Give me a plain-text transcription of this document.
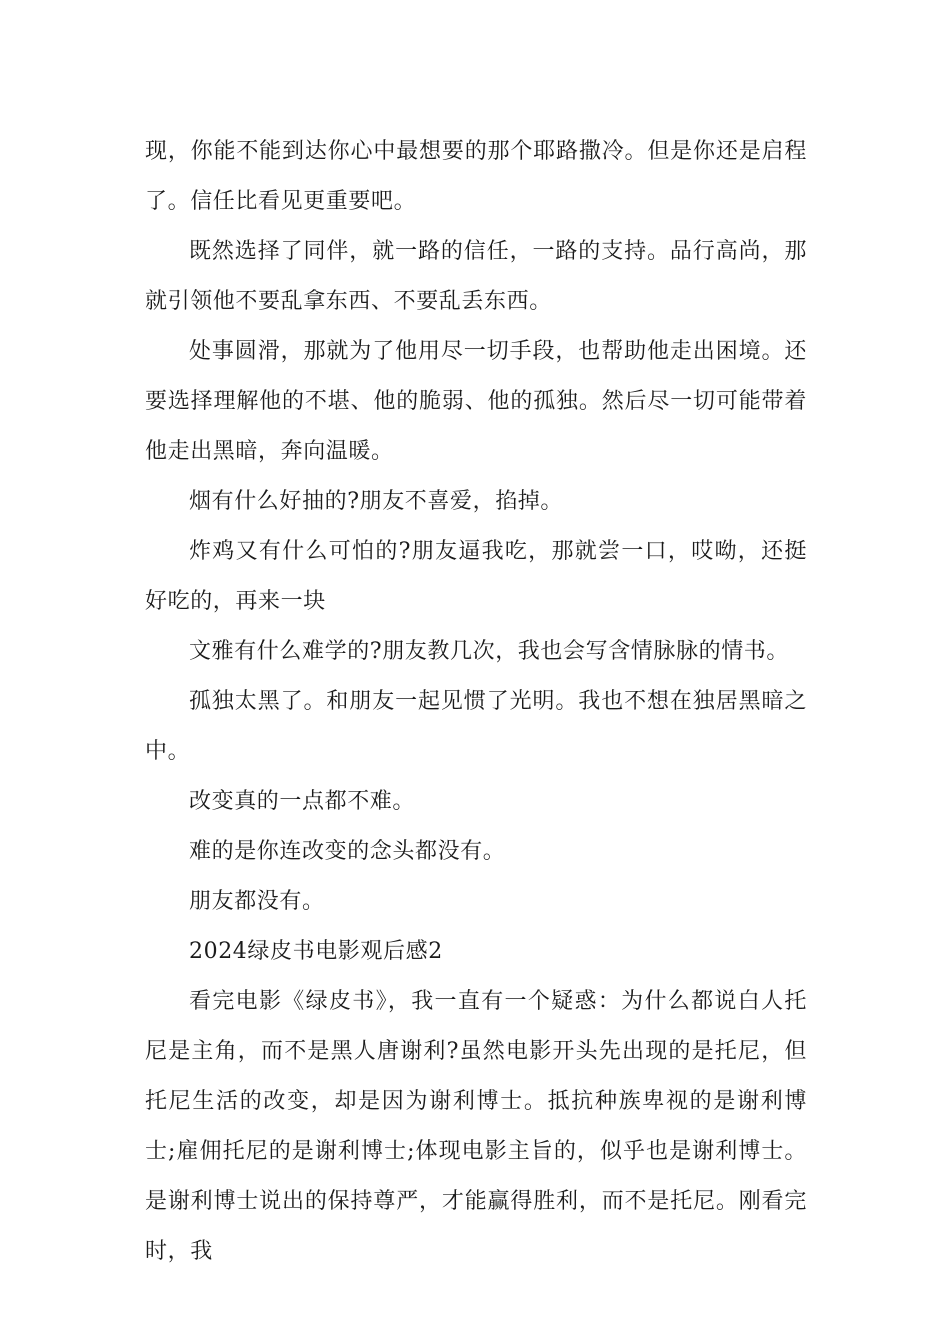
现，你能不能到达你心中最想要的那个耶路撒冷。但是你还是启程了。信任比看见更重要吧。

既然选择了同伴，就一路的信任，一路的支持。品行高尚，那就引领他不要乱拿东西、不要乱丢东西。

处事圆滑，那就为了他用尽一切手段，也帮助他走出困境。还要选择理解他的不堪、他的脆弱、他的孤独。然后尽一切可能带着他走出黑暗，奔向温暖。

烟有什么好抽的?朋友不喜爱，掐掉。

炸鸡又有什么可怕的?朋友逼我吃，那就尝一口，哎呦，还挺好吃的，再来一块

文雅有什么难学的?朋友教几次，我也会写含情脉脉的情书。

孤独太黑了。和朋友一起见惯了光明。我也不想在独居黑暗之中。

改变真的一点都不难。

难的是你连改变的念头都没有。

朋友都没有。

2024绿皮书电影观后感2

看完电影《绿皮书》，我一直有一个疑惑：为什么都说白人托尼是主角，而不是黑人唐谢利?虽然电影开头先出现的是托尼，但托尼生活的改变，却是因为谢利博士。抵抗种族卑视的是谢利博士;雇佣托尼的是谢利博士;体现电影主旨的，似乎也是谢利博士。是谢利博士说出的保持尊严，才能赢得胜利，而不是托尼。刚看完时，我
